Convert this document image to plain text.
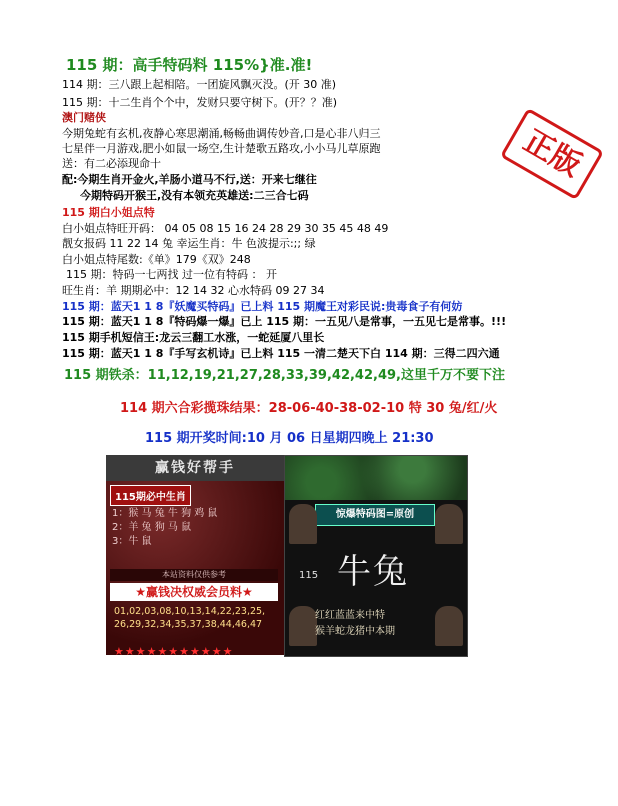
115 期：高手特码料 115%}准.准!
114 期：三八跟上起相陪。一团旋风飘灭没。(开 30 准)
115 期：十二生肖个个中，发财只要守树下。(开？？准)
澳门赌侠
今期兔蛇有玄机,夜静心寒思潮涌,畅畅曲调传妙音,口是心非八归三
七星伴一月游戏,肥小如鼠一场空,生计楚歌五路攻,小小马儿草原跑
送：有二必添现命十
配:今期生肖开金火,羊肠小道马不行,送：开来七继往
今期特码开猴王,没有本领充英雄送:二三合七码
115 期白小姐点特
白小姐点特旺开码： 04 05 08 15 16 24 28 29 30 35 45 48 49
靓女报码 11 22 14 兔 幸运生肖：牛 色波提示:;; 绿
白小姐点特尾数:《单》179《双》248
115 期：特码一七两找 过一位有特码 ： 开
旺生肖：羊 期期必中：12 14 32 心水特码 09 27 34
115 期：蓝天1 1 8『妖魔买特码』已上料 115 期魔王对彩民说:贵毒食子有何妨
115 期：蓝天1 1 8『特码爆一爆』已上 115 期：一五见八是常事，一五见七是常事。!!!
115 期手机短信王:龙云三翻工水涨，一蛇延厦八里长
115 期：蓝天1 1 8『手写玄机诗』已上料 115 一清二楚天下白 114 期：三得二四六通
115 期铁杀：11,12,19,21,27,28,33,39,42,42,49,这里千万不要下注
114 期六合彩揽珠结果：28-06-40-38-02-10 特 30 兔/红/火
115 期开奖时间:10 月 06 日星期四晚上 21:30
正版
赢钱好帮手
115期必中生肖
1：猴 马 兔 牛 狗 鸡 鼠
2：羊 兔 狗 马 鼠
3：牛 鼠
本站资料仅供参考
★赢钱决权威会员料★
01,02,03,08,10,13,14,22,23,25, 26,29,32,34,35,37,38,44,46,47
★★★★★★★★★★★
惊爆特码图=原创
牛兔
115
红红蓝蓝来中特
猴羊蛇龙猪中本期
